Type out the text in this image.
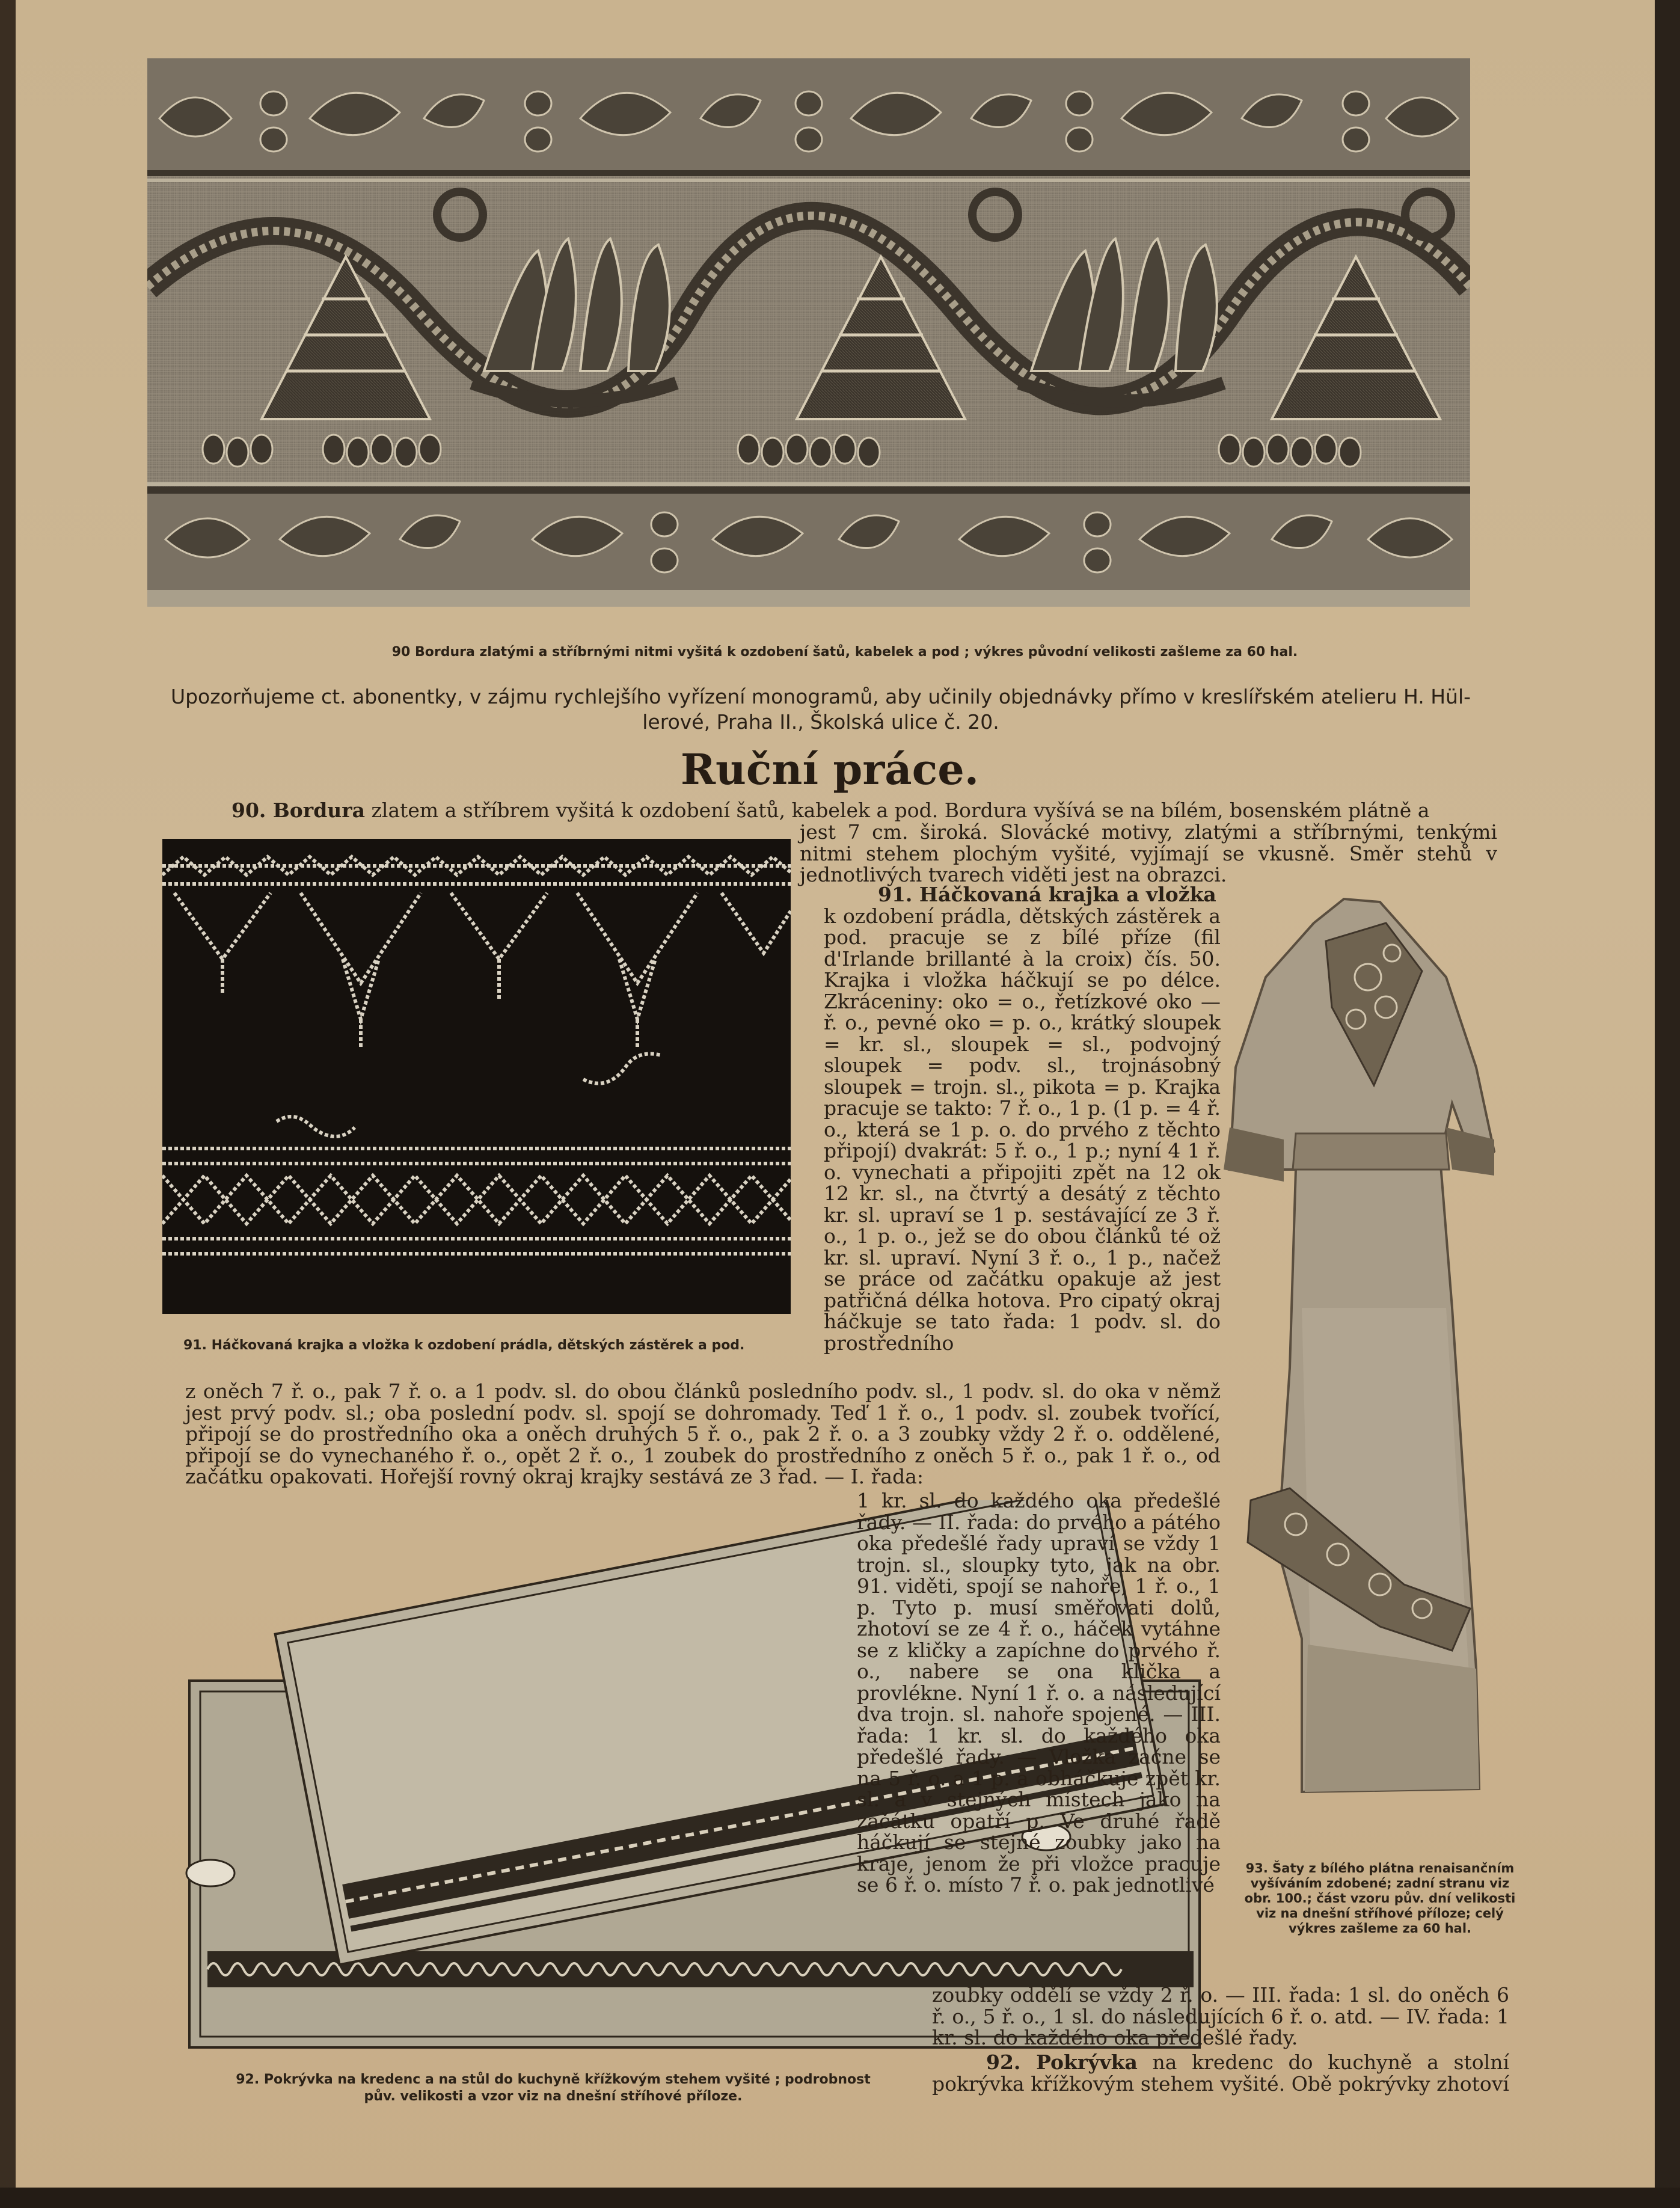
90 Bordura zlatými a stříbrnými nitmi vyšitá k ozdobení šatů, kabelek a pod ; výkres původní velikosti zašleme za 60 hal.
Upozorňujeme ct. abonentky, v zájmu rychlejšího vyřízení monogramů, aby učinily objednávky přímo v kreslířském atelieru H. Hül-
lerové, Praha II., Školská ulice č. 20.
Ruční práce.
90. Bordura zlatem a stříbrem vyšitá k ozdobení šatů, kabelek a pod. Bordura vyšívá se na bílém, bosenském plátně a
jest 7 cm. široká. Slovácké motivy, zlatými a stříbrnými, tenkými nitmi stehem plochým vyšité, vyjímají se vkusně. Směr stehů v jednotlivých tvarech viděti jest na obrazci.
91. Háčkovaná krajka a vložka k ozdobení prádla, dětských zástěrek a pod.
91. Háčkovaná krajka a vložka
k ozdobení prádla, dětských zástěrek a pod. pracuje se z bílé příze (fil d'Irlande brillanté à la croix) čís. 50. Krajka i vložka háčkují se po délce. Zkráceniny: oko = o., řetízkové oko — ř. o., pevné oko = p. o., krátký sloupek = kr. sl., sloupek = sl., podvojný sloupek = podv. sl., trojnásobný sloupek = trojn. sl., pikota = p. Krajka pracuje se takto: 7 ř. o., 1 p. (1 p. = 4 ř. o., která se 1 p. o. do prvého z těchto připojí) dvakrát: 5 ř. o., 1 p.; nyní 4 1 ř. o. vynechati a připojiti zpět na 12 ok 12 kr. sl., na čtvrtý a desátý z těchto kr. sl. upraví se 1 p. sestávající ze 3 ř. o., 1 p. o., jež se do obou článků té ož kr. sl. upraví. Nyní 3 ř. o., 1 p., načež se práce od začátku opakuje až jest patřičná délka hotova. Pro cipatý okraj háčkuje se tato řada: 1 podv. sl. do prostředního
93. Šaty z bílého plátna renaisančním vyšíváním zdobené; zadní stranu viz obr. 100.; část vzoru pův. dní velikosti viz na dnešní stříhové příloze; celý výkres zašleme za 60 hal.
z oněch 7 ř. o., pak 7 ř. o. a 1 podv. sl. do obou článků posledního podv. sl., 1 podv. sl. do oka v němž jest prvý podv. sl.; oba poslední podv. sl. spojí se dohromady. Teď 1 ř. o., 1 podv. sl. zoubek tvořící, připojí se do prostředního oka a oněch druhých 5 ř. o., pak 2 ř. o. a 3 zoubky vždy 2 ř. o. oddělené, připojí se do vynechaného ř. o., opět 2 ř. o., 1 zoubek do prostředního z oněch 5 ř. o., pak 1 ř. o., od začátku opakovati. Hořejší rovný okraj krajky sestává ze 3 řad. — I. řada:
92. Pokrývka na kredenc a na stůl do kuchyně křížkovým stehem vyšité ; podrobnost
pův. velikosti a vzor viz na dnešní stříhové příloze.
1 kr. sl. do každého oka předešlé řady. — II. řada: do prvého a pátého oka předešlé řady upraví se vždy 1 trojn. sl., sloupky tyto, jak na obr. 91. viděti, spojí se nahoře, 1 ř. o., 1 p. Tyto p. musí směřovati dolů, zhotoví se ze 4 ř. o., háček vytáhne se z kličky a zapíchne do prvého ř. o., nabere se ona klička a provlékne. Nyní 1 ř. o. a následující dva trojn. sl. nahoře spojené. — III. řada: 1 kr. sl. do každého oka předešlé řady. — Vložka začne se na 5 ř. o. a 1 p. a obháčkuje zpět kr. sl. a v stejných místech jako na začátku opatří p. Ve druhé řadě háčkují se stejné zoubky jako na kraje, jenom že při vložce pracuje se 6 ř. o. místo 7 ř. o. pak jednotlivé
zoubky oddělí se vždy 2 ř. o. — III. řada: 1 sl. do oněch 6 ř. o., 5 ř. o., 1 sl. do následujících 6 ř. o. atd. — IV. řada: 1 kr. sl. do každého oka předešlé řady.
92. Pokrývka na kredenc do kuchyně a stolní pokrývka křížkovým stehem vyšité. Obě pokrývky zhotoví
